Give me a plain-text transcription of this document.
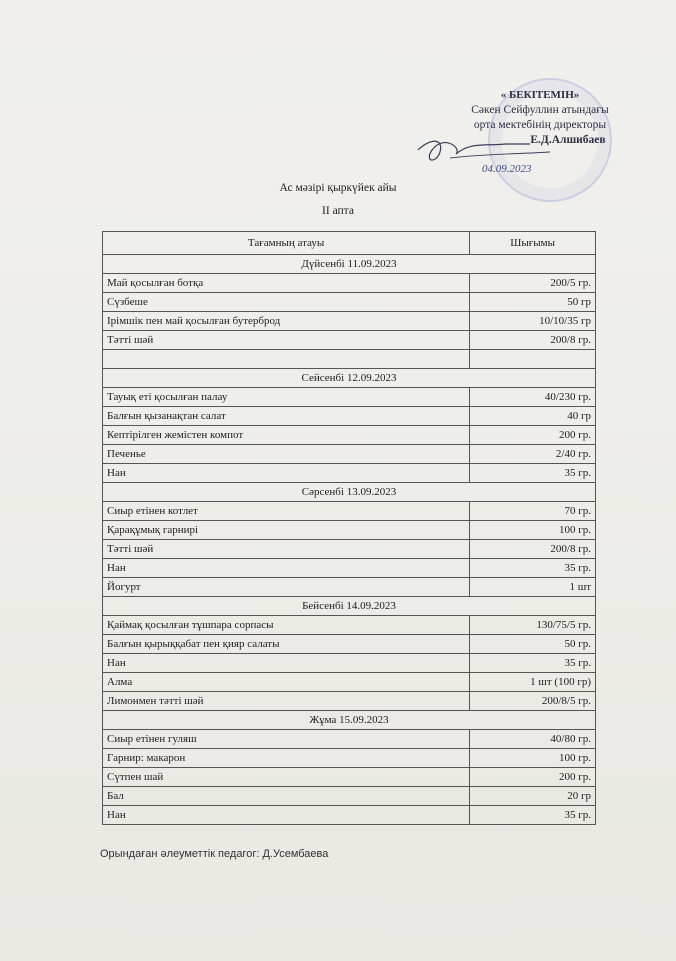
« БЕКІТЕМІН»
Сәкен Сейфуллин атындағы
орта мектебінің директоры
Е.Д.Алшибаев
04.09.2023
Ас мәзірі қыркүйек айы
II апта
Тағамның атауы	Шығымы
Дүйсенбі 11.09.2023	
Май қосылған ботқа	200/5 гр.
Сүзбеше	50 гр
Ірімшік пен май қосылған бутерброд	10/10/35 гр
Тәтті шәй	200/8 гр.

Сейсенбі 12.09.2023	
Тауық еті қосылған палау	40/230 гр.
Балғын қызанақтан салат	40 гр
Кептірілген жемістен компот	200 гр.
Печенье	2/40 гр.
Нан	35 гр.
Сәрсенбі 13.09.2023	
Сиыр етінен котлет	70 гр.
Қарақұмық гарнирі	100 гр.
Тәтті шәй	200/8 гр.
Нан	35 гр.
Йогурт	1 шт
Бейсенбі 14.09.2023	
Қаймақ қосылған тұшпара сорпасы	130/75/5 гр.
Балғын қырыққабат пен қияр салаты	50 гр.
Нан	35 гр.
Алма	1 шт (100 гр)
Лимонмен тәтті шәй	200/8/5 гр.
Жұма 15.09.2023	
Сиыр етінен гуляш	40/80 гр.
Гарнир: макарон	100 гр.
Сүтпен шай	200 гр.
Бал	20 гр
Нан	35 гр.
Орындаған әлеуметтік педагог: Д.Усембаева
